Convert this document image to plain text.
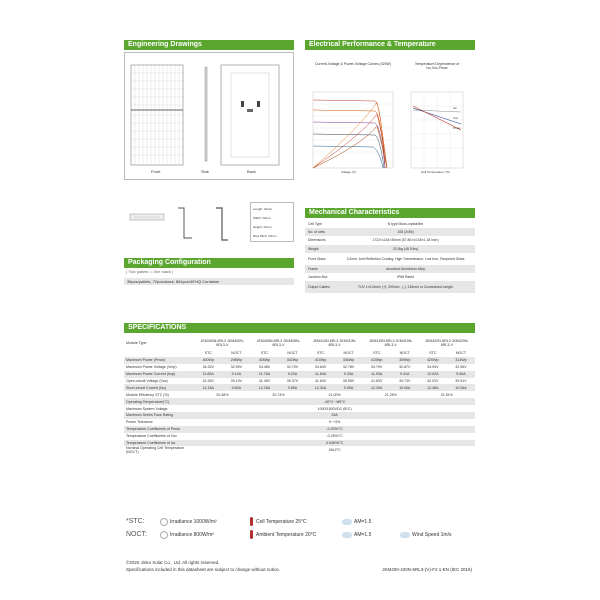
Engineering Drawings
Front	Side	Back
Length: ±2mm
Width: ±2mm
Height: ±1mm
Row Pitch: ±2mm
Packaging Configuration
( Two pallets = One stack )
36pcs/pallets, 72pcs/stack, 864pcs/40'HQ Container
Electrical Performance & Temperature Dependence
Current-Voltage & Power-Voltage Curves (420W)	Temperature Dependence of Isc,Voc,Pmax
Voltage (V)	Cell Temperature (°C)
Isc
Voc
Pmax
Mechanical Characteristics
Cell Type	N type Mono-crystalline
No. of cells	108 (2x54)
Dimensions	1722×1134×30mm (67.80×44.65×1.18 inch)
Weight	22.0kg (48.5 lbs)
Front Glass	3.2mm, Anti-Reflection Coating, High Transmission, Low Iron, Tempered Glass
Frame	Anodized Aluminium Alloy
Junction Box	IP68 Rated
Output Cables	TUV 1×4.0mm² (+): 290mm , (-): 145mm or Customized Length
SPECIFICATIONS
Module Type	JKM400N-6RL3 JKM400N-6RL3-V		JKM405N-6RL3 JKM405N-6RL3-V		JKM410N-6RL3 JKM410N-6RL3-V		JKM415N-6RL3 JKM415N-6RL3-V		JKM420N-6RL3 JKM420N-6RL3-V	
	STC	NOCT	STC	NOCT	STC	NOCT	STC	NOCT	STC	NOCT
Maximum Power (Pmax)	400Wp	298Wp	405Wp	302Wp	410Wp	306Wp	415Wp	309Wp	420Wp	313Wp
Maximum Power Voltage (Vmp)	34.33V	32.59V	34.48V	32.70V	34.64V	32.78V	34.79V	32.87V	34.94V	32.96V
Maximum Power Current (Imp)	11.65A	9.14A	11.75A	9.23A	11.84A	9.33A	11.93A	9.41A	12.02A	9.50A
Open-circuit Voltage (Voc)	41.26V	39.19V	41.45V	39.37V	41.64V	39.55V	41.83V	39.73V	42.02V	39.91V
Short-circuit Current (Isc)	12.18A	9.83A	12.25A	9.89A	12.32A	9.95A	12.39A	10.00A	12.46A	10.06A
Module Efficiency STC (%)	20.48%		20.74%		21.00%		21.25%		21.51%	
Operating Temperature(°C)	-40°C~+85°C									
Maximum System Voltage	1000/1500VDC (IEC)									
Maximum Series Fuse Rating	25A									
Power Tolerance	0~+3%									
Temperature Coefficients of Pmax	-0.30%/°C									
Temperature Coefficients of Voc	-0.25%/°C									
Temperature Coefficients of Isc	0.046%/°C									
Nominal Operating Cell Temperature (NOCT)	45±2°C									
*STC:	Irradiance 1000W/m²	Cell Temperature 25°C	AM=1.5
NOCT:	Irradiance 800W/m²	Ambient Temperature 20°C	AM=1.5	Wind Speed 1m/s
©2020 Jinko Solar Co., Ltd. All rights reserved.
Specifications included in this datasheet are subject to change without notice.	JKM400-420N-6RL3-(V)-F2.1-EN (IEC 2016)
